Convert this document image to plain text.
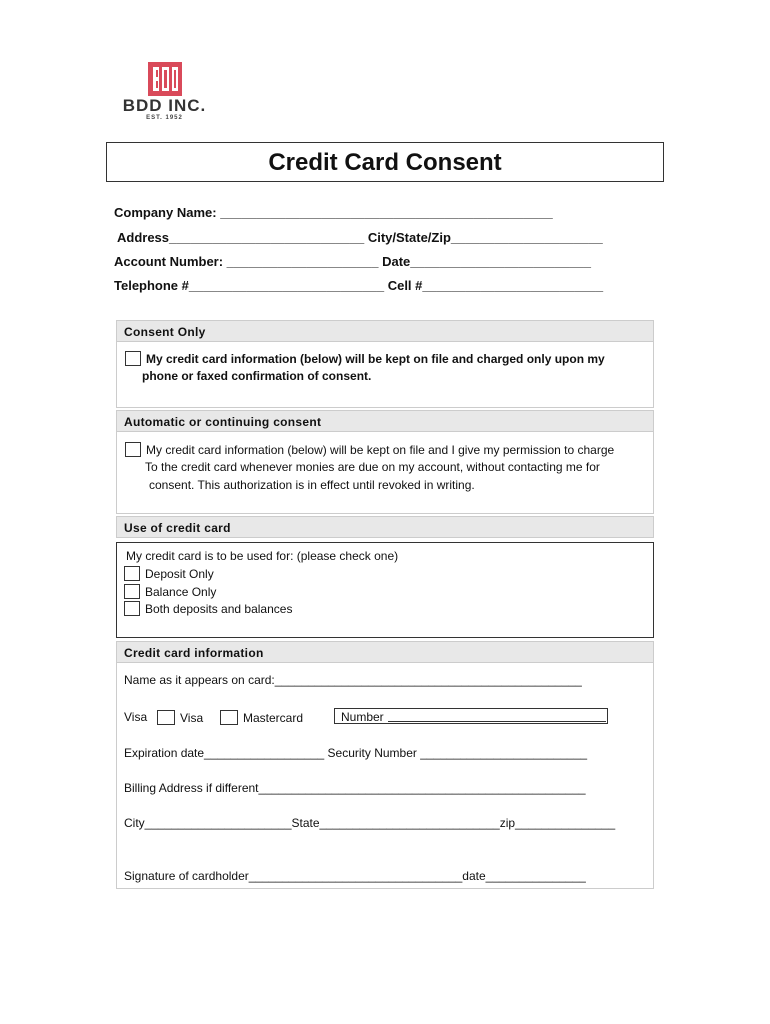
BDD INC.
EST. 1952
Credit Card Consent
Company Name: ______________________________________________
Address___________________________ City/State/Zip_____________________
Account Number: _____________________ Date_________________________
Telephone #___________________________ Cell #_________________________
Consent Only
My credit card information (below) will be kept on file and charged only upon my
phone or faxed confirmation of consent.
Automatic or continuing consent
My credit card information (below) will be kept on file and I give my permission to charge
To the credit card whenever monies are due on my account, without contacting me for
consent. This authorization is in effect until revoked in writing.
Use of credit card
My credit card is to be used for: (please check one)
Deposit Only
Balance Only
Both deposits and balances
Credit card information
Name as it appears on card:______________________________________________
Visa	Visa	Mastercard	Number
Expiration date__________________ Security Number _________________________
Billing Address if different_________________________________________________
City______________________State___________________________zip_______________
Signature of cardholder________________________________date_______________
